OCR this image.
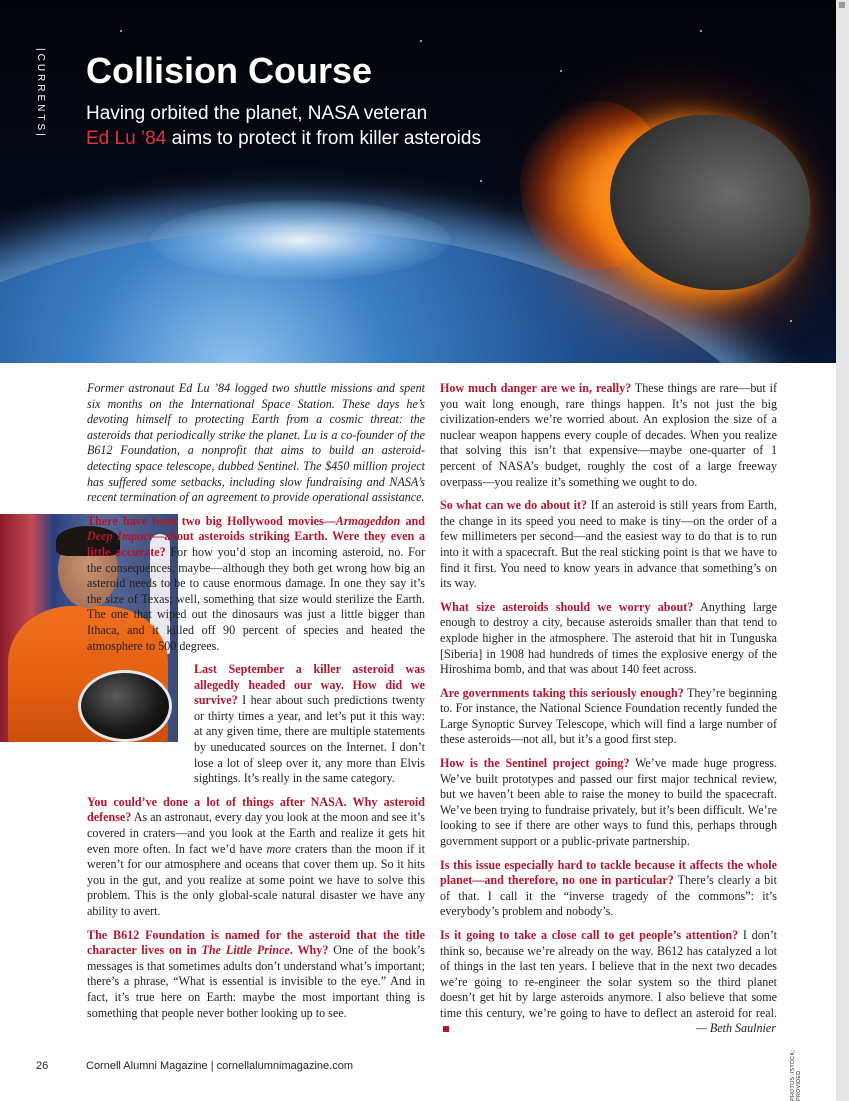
|CURRENTS| Collision Course

Having orbited the planet, NASA veteran
Ed Lu ’84 aims to protect it from killer asteroids

Former astronaut Ed Lu ’84 logged two shuttle missions and spent six months on the International Space Station. These days he’s devoting himself to protecting Earth from a cosmic threat: the asteroids that periodically strike the planet. Lu is a co-founder of the B612 Foundation, a nonprofit that aims to build an asteroid-detecting space telescope, dubbed Sentinel. The $450 million project has suffered some setbacks, including slow fundraising and NASA’s recent termination of an agreement to provide operational assistance.

There have been two big Hollywood movies—Armageddon and Deep Impact—about asteroids striking Earth. Were they even a little accurate? For how you’d stop an incoming asteroid, no. For the consequences, maybe—although they both get wrong how big an asteroid needs to be to cause enormous damage. In one they say it’s the size of Texas; well, something that size would sterilize the Earth. The one that wiped out the dinosaurs was just a little bigger than Ithaca, and it killed off 90 percent of species and heated the atmosphere to 500 degrees.

Last September a killer asteroid was allegedly headed our way. How did we survive? I hear about such predictions twenty or thirty times a year, and let’s put it this way: at any given time, there are multiple statements by uneducated sources on the Internet. I don’t lose a lot of sleep over it, any more than Elvis sightings. It’s really in the same category.

You could’ve done a lot of things after NASA. Why asteroid defense? As an astronaut, every day you look at the moon and see it’s covered in craters—and you look at the Earth and realize it gets hit even more often. In fact we’d have more craters than the moon if it weren’t for our atmosphere and oceans that cover them up. So it hits you in the gut, and you realize at some point we have to solve this problem. This is the only global-scale natural disaster we have any ability to avert.

The B612 Foundation is named for the asteroid that the title character lives on in The Little Prince. Why? One of the book’s messages is that sometimes adults don’t understand what’s important; there’s a phrase, “What is essential is invisible to the eye.” And in fact, it’s true here on Earth: maybe the most important thing is something that people never bother looking up to see.

How much danger are we in, really? These things are rare—but if you wait long enough, rare things happen. It’s not just the big civilization-enders we’re worried about. An explosion the size of a nuclear weapon happens every couple of decades. When you realize that solving this isn’t that expensive—maybe one-quarter of 1 percent of NASA’s budget, roughly the cost of a large freeway overpass—you realize it’s something we ought to do.

So what can we do about it? If an asteroid is still years from Earth, the change in its speed you need to make is tiny—on the order of a few millimeters per second—and the easiest way to do that is to run into it with a spacecraft. But the real sticking point is that we have to find it first. You need to know years in advance that something’s on its way.

What size asteroids should we worry about? Anything large enough to destroy a city, because asteroids smaller than that tend to explode higher in the atmosphere. The asteroid that hit in Tunguska [Siberia] in 1908 had hundreds of times the explosive energy of the Hiroshima bomb, and that was about 140 feet across.

Are governments taking this seriously enough? They’re beginning to. For instance, the National Science Foundation recently funded the Large Synoptic Survey Telescope, which will find a large number of these asteroids—not all, but it’s a good first step.

How is the Sentinel project going? We’ve made huge progress. We’ve built prototypes and passed our first major technical review, but we haven’t been able to raise the money to build the spacecraft. We’ve been trying to fundraise privately, but it’s been difficult. We’re looking to see if there are other ways to fund this, perhaps through government support or a public-private partnership.

Is this issue especially hard to tackle because it affects the whole planet—and therefore, no one in particular? There’s clearly a bit of that. I call it the “inverse tragedy of the commons”: it’s everybody’s problem and nobody’s.

Is it going to take a close call to get people’s attention? I don’t think so, because we’re already on the way. B612 has catalyzed a lot of things in the last ten years. I believe that in the next two decades we’re going to re-engineer the solar system so the third planet doesn’t get hit by large asteroids anymore. I also believe that some time this century, we’re going to have to deflect an asteroid for real.

— Beth Saulnier
PHOTOS: ISTOCK; PROVIDED
26	Cornell Alumni Magazine | cornellalumnimagazine.com
